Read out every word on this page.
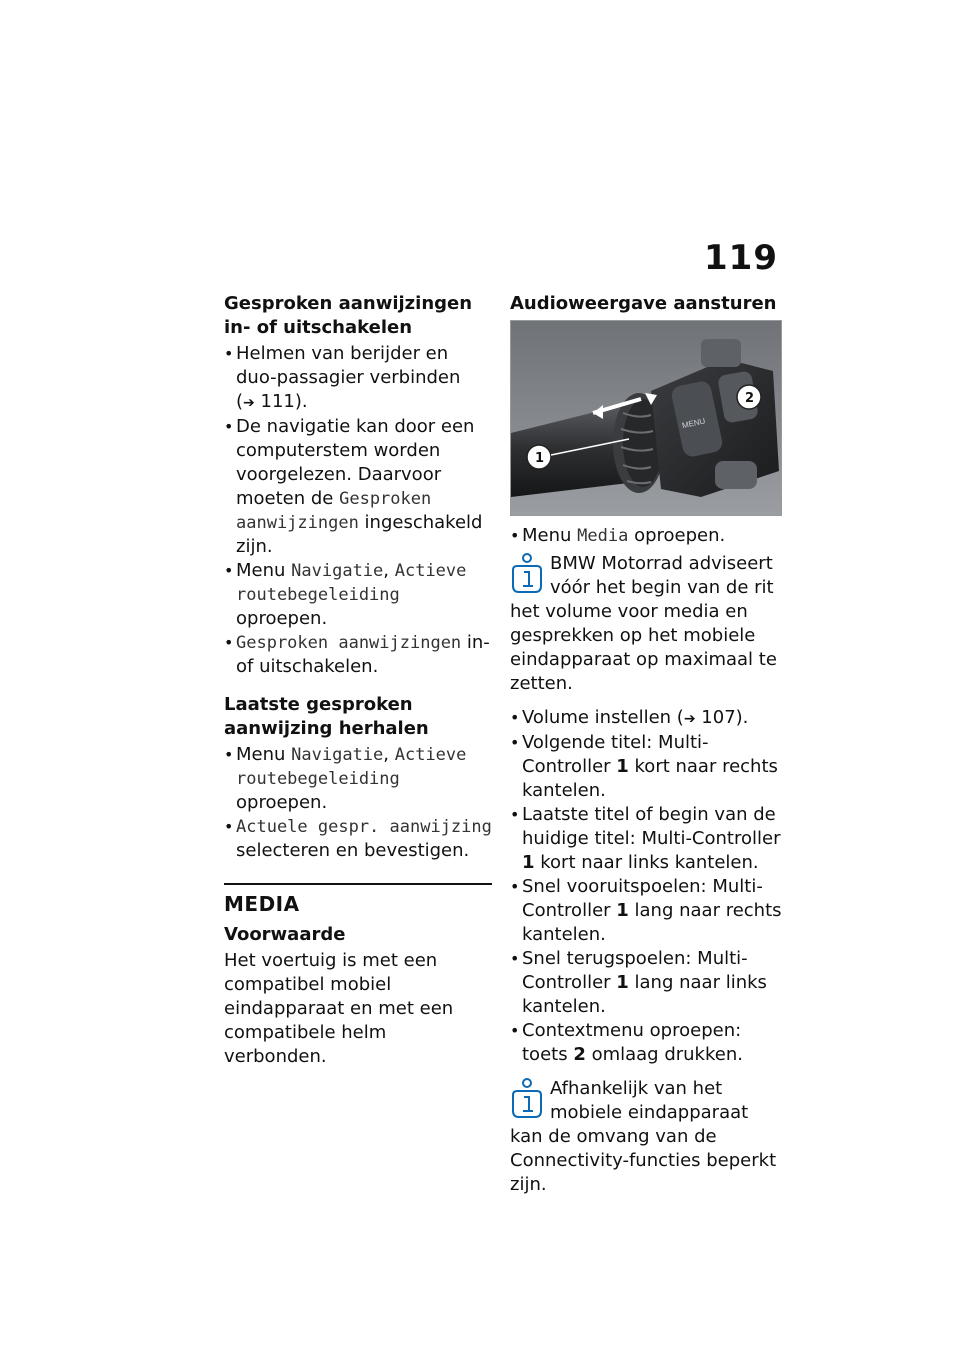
119
Gesproken aanwijzingen in- of uitschakelen
• Helmen van berijder en duo-passagier verbinden (➔ 111).
• De navigatie kan door een computerstem worden voorgelezen. Daarvoor moeten de Gesproken aanwijzingen ingeschakeld zijn.
• Menu Navigatie, Actieve routebegeleiding oproepen.
• Gesproken aanwijzingen in- of uitschakelen.
Laatste gesproken aanwijzing herhalen
• Menu Navigatie, Actieve routebegeleiding oproepen.
• Actuele gespr. aanwijzing selecteren en bevestigen.
MEDIA
Voorwaarde

Het voertuig is met een compatibel mobiel eindapparaat en met een compatibele helm verbonden.

Audioweergave aansturen
MENU
1
2
• Menu Media oproepen.
BMW Motorrad adviseert vóór het begin van de rit het volume voor media en gesprekken op het mobiele eindapparaat op maximaal te zetten.
• Volume instellen (➔ 107).
• Volgende titel: Multi-Controller 1 kort naar rechts kantelen.
• Laatste titel of begin van de huidige titel: Multi-Controller 1 kort naar links kantelen.
• Snel vooruitspoelen: Multi-Controller 1 lang naar rechts kantelen.
• Snel terugspoelen: Multi-Controller 1 lang naar links kantelen.
• Contextmenu oproepen: toets 2 omlaag drukken.
Afhankelijk van het mobiele eindapparaat kan de omvang van de Connectivity-functies beperkt zijn.
